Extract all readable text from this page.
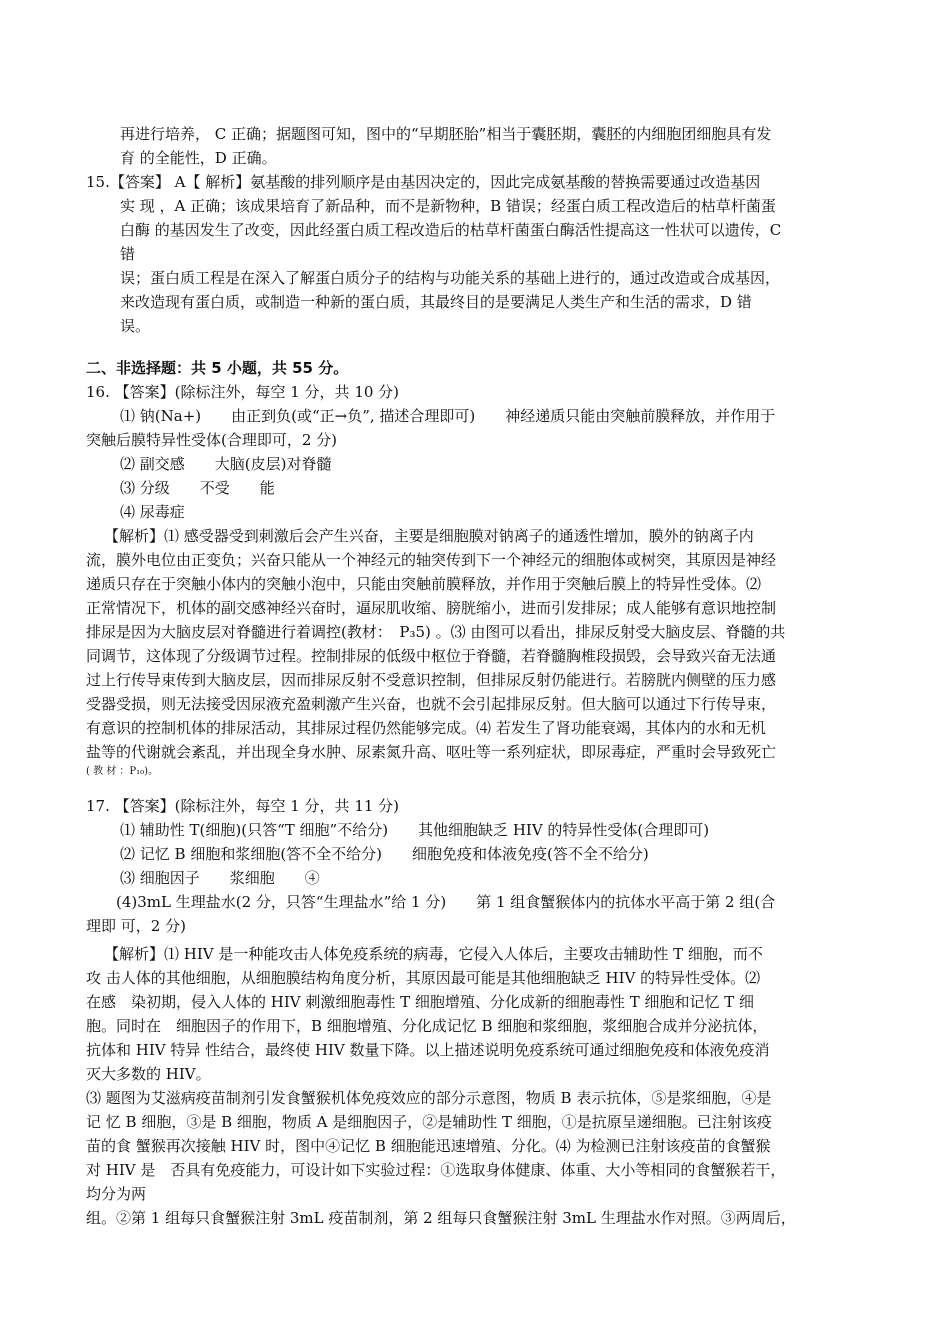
再进行培养， C 正确；据题图可知，图中的“早期胚胎”相当于囊胚期，囊胚的内细胞团细胞具有发
育 的全能性，D 正确。
15.【答案】 A【 解析】氨基酸的排列顺序是由基因决定的，因此完成氨基酸的替换需要通过改造基因
实 现 ，A 正确；该成果培育了新品种，而不是新物种，B 错误；经蛋白质工程改造后的枯草杆菌蛋
白酶 的基因发生了改变，因此经蛋白质工程改造后的枯草杆菌蛋白酶活性提高这一性状可以遗传，C
错
误；蛋白质工程是在深入了解蛋白质分子的结构与功能关系的基础上进行的，通过改造或合成基因，
来改造现有蛋白质，或制造一种新的蛋白质，其最终目的是要满足人类生产和生活的需求，D 错
误。
二、非选择题：共 5 小题，共 55 分。
16. 【答案】(除标注外，每空 1 分，共 10 分)
⑴ 钠(Na+)　　由正到负(或“正→负”, 描述合理即可)　　神经递质只能由突触前膜释放，并作用于
突触后膜特异性受体(合理即可，2 分)
⑵ 副交感　　大脑(皮层)对脊髓
⑶ 分级　　不受　　能
⑷ 尿毒症
【解析】⑴ 感受器受到刺激后会产生兴奋，主要是细胞膜对钠离子的通透性增加，膜外的钠离子内
流，膜外电位由正变负；兴奋只能从一个神经元的轴突传到下一个神经元的细胞体或树突，其原因是神经
递质只存在于突触小体内的突触小泡中，只能由突触前膜释放，并作用于突触后膜上的特异性受体。⑵
正常情况下，机体的副交感神经兴奋时，逼尿肌收缩、膀胱缩小，进而引发排尿；成人能够有意识地控制
排尿是因为大脑皮层对脊髓进行着调控(教材：　P₃5) 。⑶ 由图可以看出，排尿反射受大脑皮层、脊髓的共
同调节，这体现了分级调节过程。控制排尿的低级中枢位于脊髓，若脊髓胸椎段损毁，会导致兴奋无法通
过上行传导束传到大脑皮层，因而排尿反射不受意识控制，但排尿反射仍能进行。若膀胱内侧壁的压力感
受器受损，则无法接受因尿液充盈刺激产生兴奋，也就不会引起排尿反射。但大脑可以通过下行传导束，
有意识的控制机体的排尿活动，其排尿过程仍然能够完成。⑷ 若发生了肾功能衰竭，其体内的水和无机
盐等的代谢就会紊乱，并出现全身水肿、尿素氮升高、呕吐等一系列症状，即尿毒症，严重时会导致死亡
( 教 材 ：P₁₀)。
17. 【答案】(除标注外，每空 1 分，共 11 分)
⑴ 辅助性 T(细胞)(只答“T 细胞”不给分)　　其他细胞缺乏 HIV 的特异性受体(合理即可)
⑵ 记忆 B 细胞和浆细胞(答不全不给分)　　细胞免疫和体液免疫(答不全不给分)
⑶ 细胞因子　　浆细胞　　④
(4)3mL 生理盐水(2 分，只答“生理盐水”给 1 分)　　第 1 组食蟹猴体内的抗体水平高于第 2 组(合
理即 可，2 分)
【解析】⑴ HIV 是一种能攻击人体免疫系统的病毒，它侵入人体后，主要攻击辅助性 T 细胞，而不
攻 击人体的其他细胞，从细胞膜结构角度分析，其原因最可能是其他细胞缺乏 HIV 的特异性受体。⑵
在感　染初期，侵入人体的 HIV 刺激细胞毒性 T 细胞增殖、分化成新的细胞毒性 T 细胞和记忆 T 细
胞。同时在　细胞因子的作用下，B 细胞增殖、分化成记忆 B 细胞和浆细胞，浆细胞合成并分泌抗体，
抗体和 HIV 特异 性结合，最终使 HIV 数量下降。以上描述说明免疫系统可通过细胞免疫和体液免疫消
灭大多数的 HIV。
⑶ 题图为艾滋病疫苗制剂引发食蟹猴机体免疫效应的部分示意图，物质 B 表示抗体，⑤是浆细胞，④是
记 忆 B 细胞，③是 B 细胞，物质 A 是细胞因子，②是辅助性 T 细胞，①是抗原呈递细胞。已注射该疫
苗的食 蟹猴再次接触 HIV 时，图中④记忆 B 细胞能迅速增殖、分化。⑷ 为检测已注射该疫苗的食蟹猴
对 HIV 是　否具有免疫能力，可设计如下实验过程：①选取身体健康、体重、大小等相同的食蟹猴若干，
均分为两
组。②第 1 组每只食蟹猴注射 3mL 疫苗制剂，第 2 组每只食蟹猴注射 3mL 生理盐水作对照。③两周后，
